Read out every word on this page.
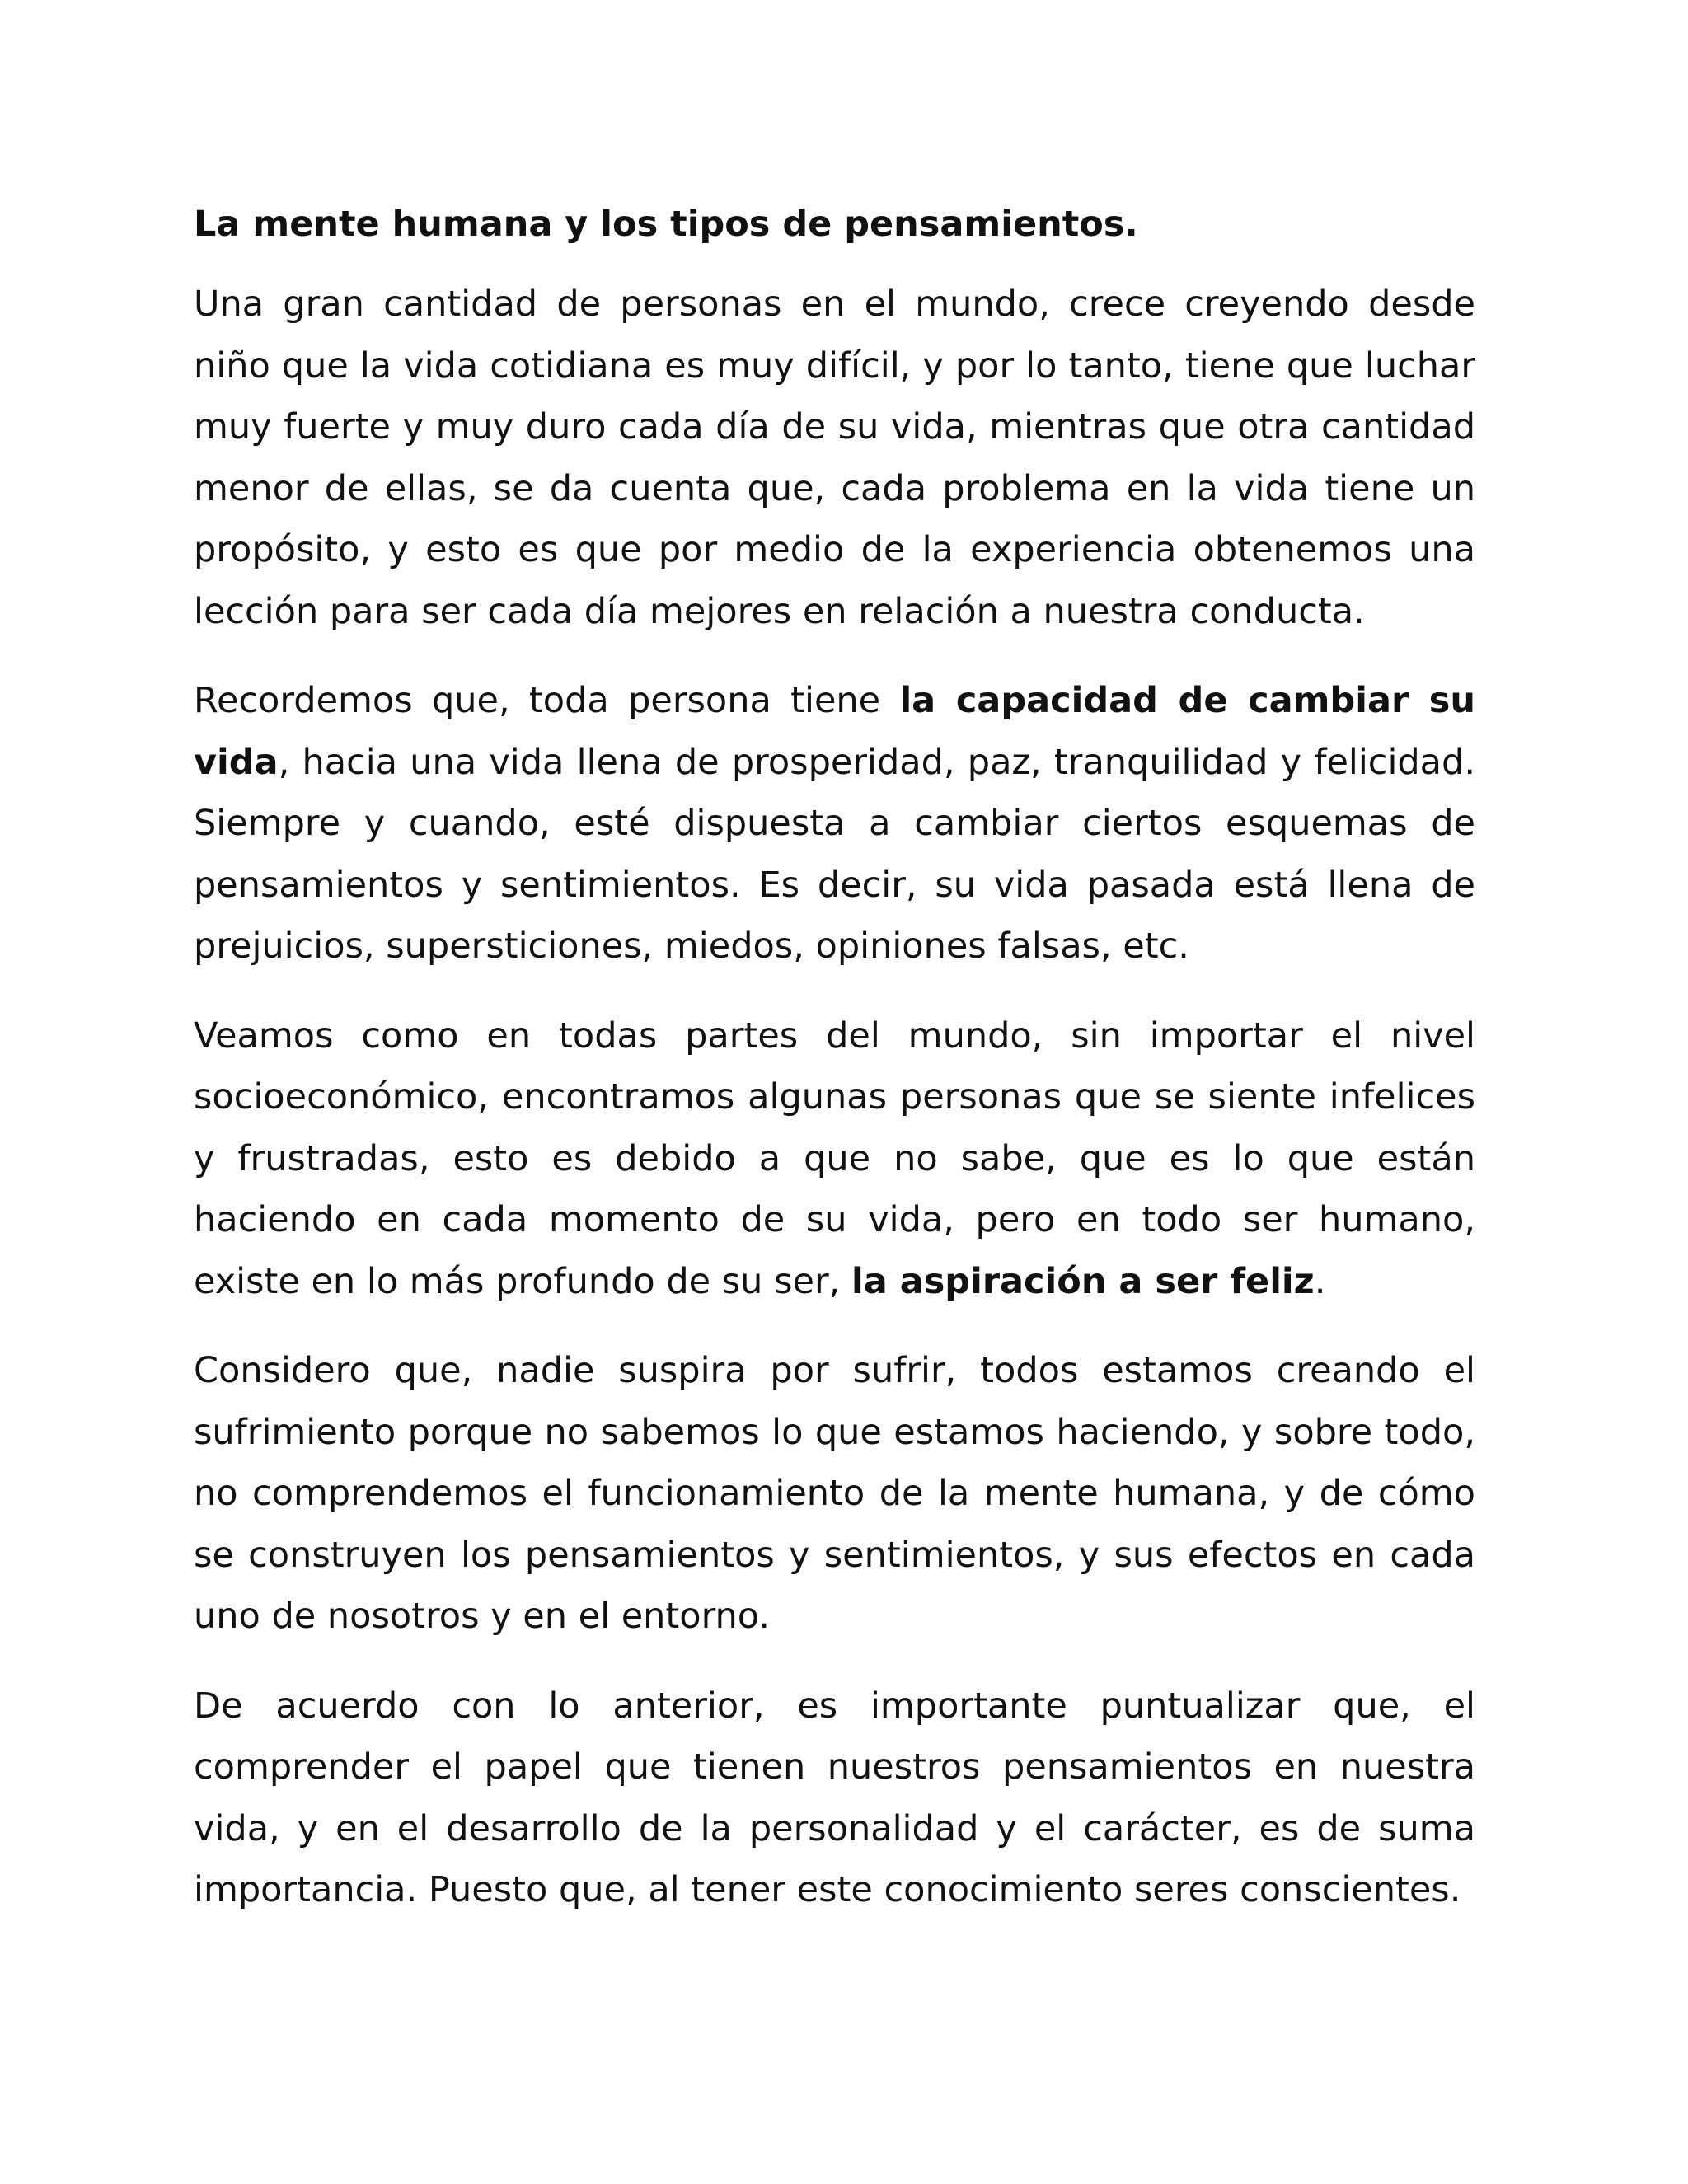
La mente humana y los tipos de pensamientos.

Una gran cantidad de personas en el mundo, crece creyendo desde niño que la vida cotidiana es muy difícil, y por lo tanto, tiene que luchar muy fuerte y muy duro cada día de su vida, mientras que otra cantidad menor de ellas, se da cuenta que, cada problema en la vida tiene un propósito, y esto es que por medio de la experiencia obtenemos una lección para ser cada día mejores en relación a nuestra conducta.

Recordemos que, toda persona tiene la capacidad de cambiar su vida, hacia una vida llena de prosperidad, paz, tranquilidad y felicidad. Siempre y cuando, esté dispuesta a cambiar ciertos esquemas de pensamientos y sentimientos. Es decir, su vida pasada está llena de prejuicios, supersticiones, miedos, opiniones falsas, etc.

Veamos como en todas partes del mundo, sin importar el nivel socioeconómico, encontramos algunas personas que se siente infelices y frustradas, esto es debido a que no sabe, que es lo que están haciendo en cada momento de su vida, pero en todo ser humano, existe en lo más profundo de su ser, la aspiración a ser feliz.

Considero que, nadie suspira por sufrir, todos estamos creando el sufrimiento porque no sabemos lo que estamos haciendo, y sobre todo, no comprendemos el funcionamiento de la mente humana, y de cómo se construyen los pensamientos y sentimientos, y sus efectos en cada uno de nosotros y en el entorno.

De acuerdo con lo anterior, es importante puntualizar que, el comprender el papel que tienen nuestros pensamientos en nuestra vida, y en el desarrollo de la personalidad y el carácter, es de suma importancia. Puesto que, al tener este conocimiento seres conscientes.
